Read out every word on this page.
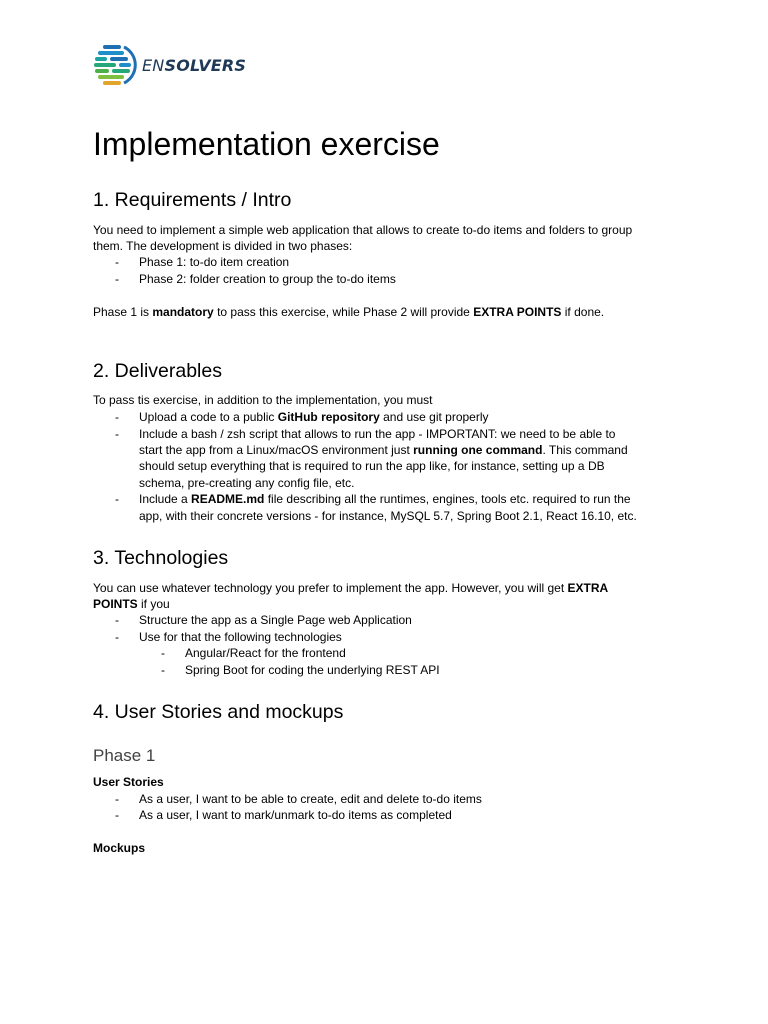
ENSOLVERS
Implementation exercise
1. Requirements / Intro

You need to implement a simple web application that allows to create to-do items and folders to group

them. The development is divided in two phases:

- Phase 1: to-do item creation

- Phase 2: folder creation to group the to-do items

Phase 1 is mandatory to pass this exercise, while Phase 2 will provide EXTRA POINTS if done.

2. Deliverables

To pass tis exercise, in addition to the implementation, you must

- Upload a code to a public GitHub repository and use git properly

- Include a bash / zsh script that allows to run the app - IMPORTANT: we need to be able to

start the app from a Linux/macOS environment just running one command. This command

should setup everything that is required to run the app like, for instance, setting up a DB

schema, pre-creating any config file, etc.

- Include a README.md file describing all the runtimes, engines, tools etc. required to run the

app, with their concrete versions - for instance, MySQL 5.7, Spring Boot 2.1, React 16.10, etc.

3. Technologies

You can use whatever technology you prefer to implement the app. However, you will get EXTRA

POINTS if you

- Structure the app as a Single Page web Application

- Use for that the following technologies

- Angular/React for the frontend

- Spring Boot for coding the underlying REST API

4. User Stories and mockups
Phase 1

User Stories

- As a user, I want to be able to create, edit and delete to-do items

- As a user, I want to mark/unmark to-do items as completed

Mockups
